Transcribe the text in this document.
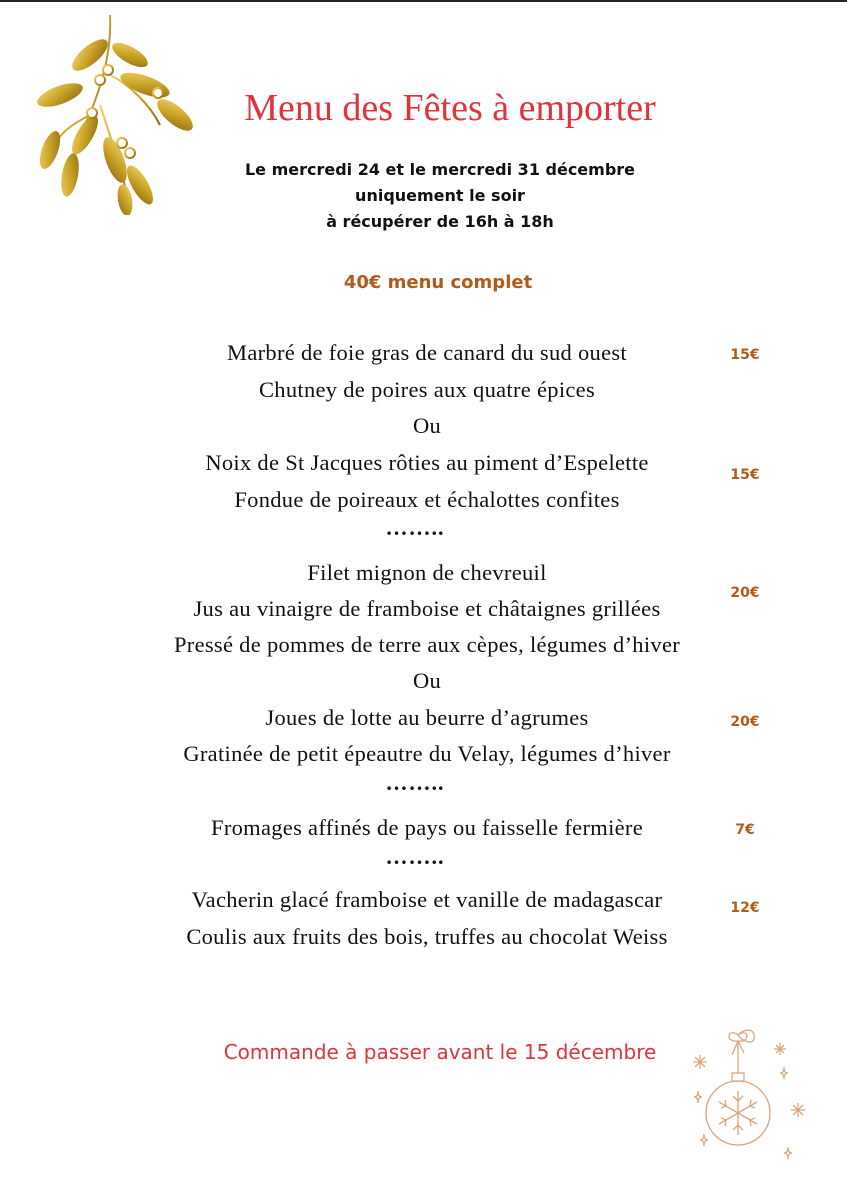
Menu des Fêtes à emporter
Le mercredi 24 et le mercredi 31 décembre
uniquement le soir
à récupérer de 16h à 18h
40€ menu complet
Marbré de foie gras de canard du sud ouest
Chutney de poires aux quatre épices
Ou
Noix de St Jacques rôties au piment d’Espelette
Fondue de poireaux et échalottes confites
……..
Filet mignon de chevreuil
Jus au vinaigre de framboise et châtaignes grillées
Pressé de pommes de terre aux cèpes, légumes d’hiver
Ou
Joues de lotte au beurre d’agrumes
Gratinée de petit épeautre du Velay, légumes d’hiver
……..
Fromages affinés de pays ou faisselle fermière
……..
Vacherin glacé framboise et vanille de madagascar
Coulis aux fruits des bois, truffes au chocolat Weiss
15€
15€
20€
20€
7€
12€
Commande à passer avant le 15 décembre
